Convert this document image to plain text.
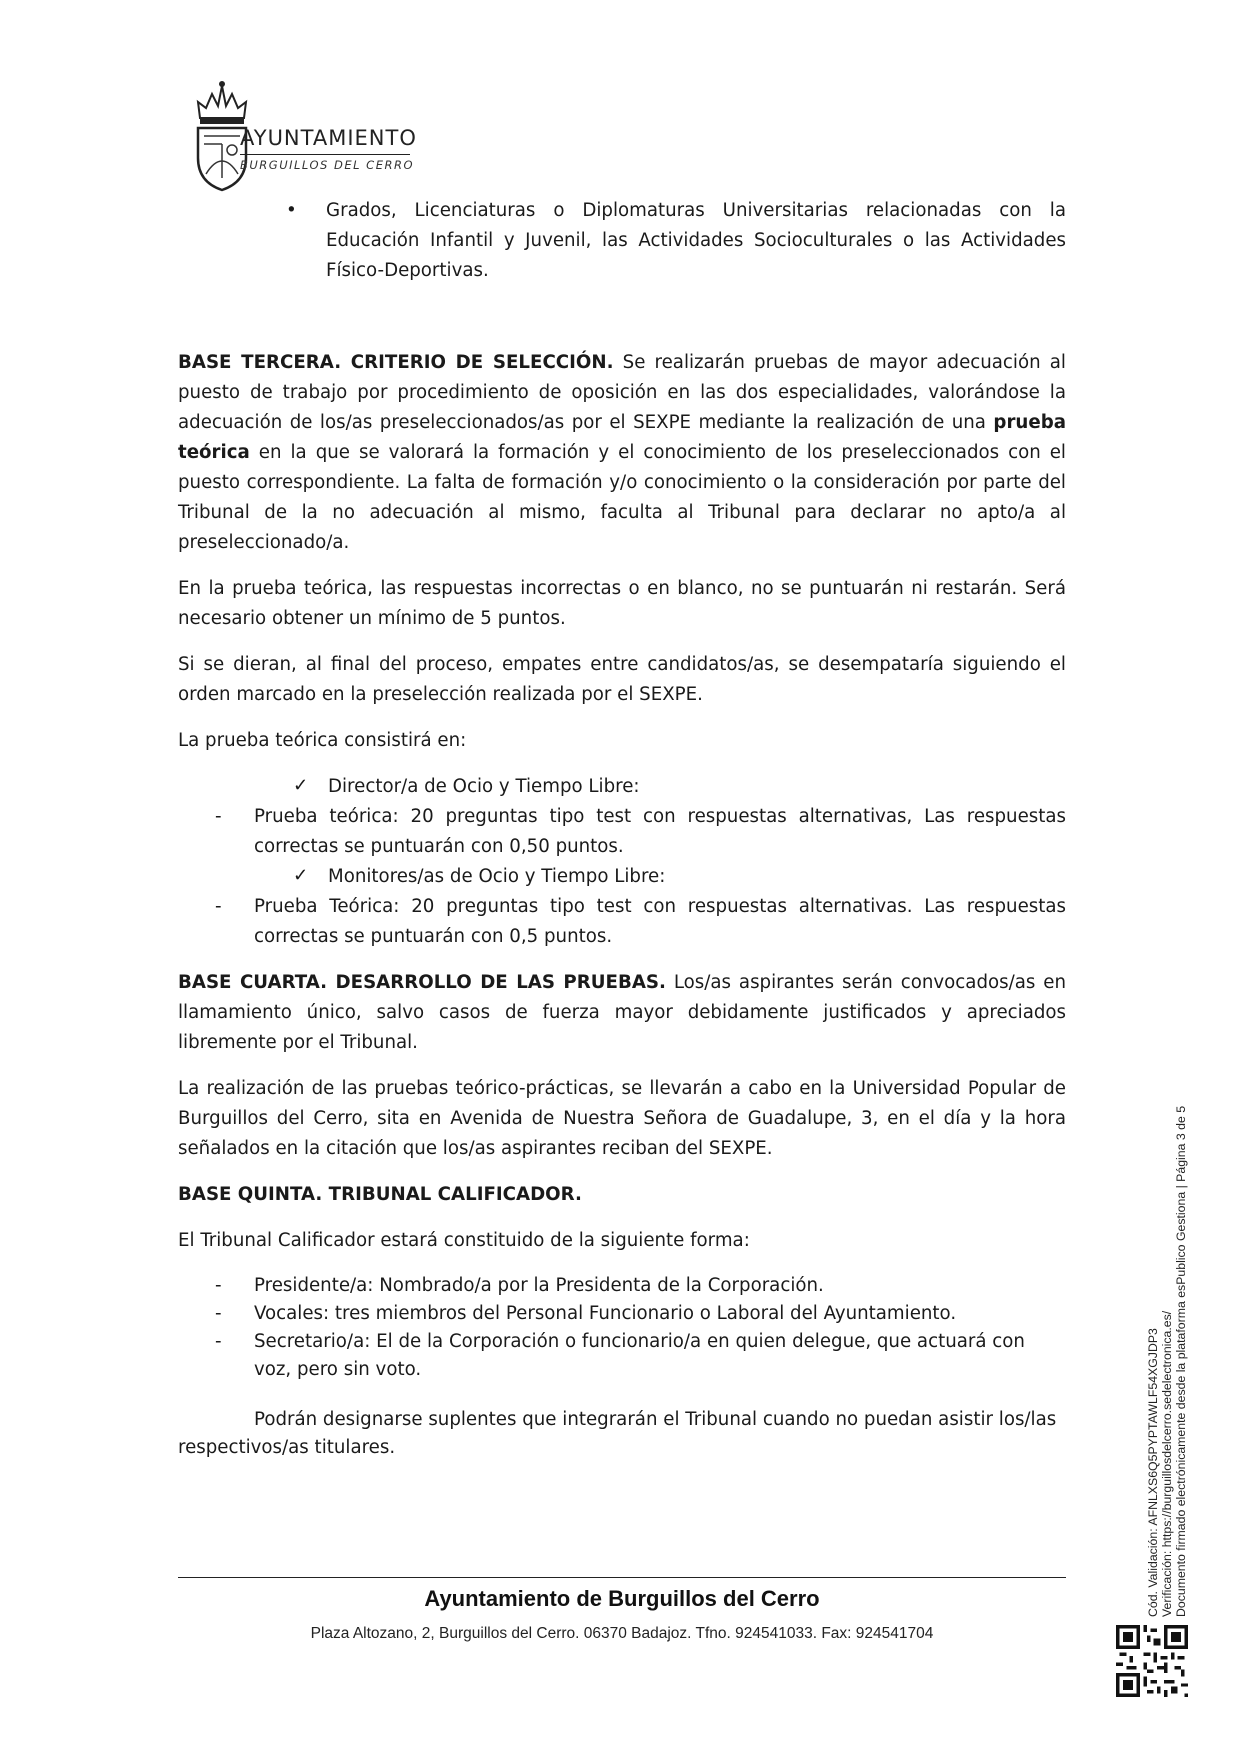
AYUNTAMIENTO
BURGUILLOS DEL CERRO
• Grados, Licenciaturas o Diplomaturas Universitarias relacionadas con la Educación Infantil y Juvenil, las Actividades Socioculturales o las Actividades Físico-Deportivas.

BASE TERCERA. CRITERIO DE SELECCIÓN. Se realizarán pruebas de mayor adecuación al puesto de trabajo por procedimiento de oposición en las dos especialidades, valorándose la adecuación de los/as preseleccionados/as por el SEXPE mediante la realización de una prueba teórica en la que se valorará la formación y el conocimiento de los preseleccionados con el puesto correspondiente. La falta de formación y/o conocimiento o la consideración por parte del Tribunal de la no adecuación al mismo, faculta al Tribunal para declarar no apto/a al preseleccionado/a.

En la prueba teórica, las respuestas incorrectas o en blanco, no se puntuarán ni restarán. Será necesario obtener un mínimo de 5 puntos.

Si se dieran, al final del proceso, empates entre candidatos/as, se desempataría siguiendo el orden marcado en la preselección realizada por el SEXPE.

La prueba teórica consistirá en:

✓ Director/a de Ocio y Tiempo Libre:
- Prueba teórica: 20 preguntas tipo test con respuestas alternativas, Las respuestas correctas se puntuarán con 0,50 puntos.
✓ Monitores/as de Ocio y Tiempo Libre:
- Prueba Teórica: 20 preguntas tipo test con respuestas alternativas. Las respuestas correctas se puntuarán con 0,5 puntos.

BASE CUARTA. DESARROLLO DE LAS PRUEBAS. Los/as aspirantes serán convocados/as en llamamiento único, salvo casos de fuerza mayor debidamente justificados y apreciados libremente por el Tribunal.

La realización de las pruebas teórico-prácticas, se llevarán a cabo en la Universidad Popular de Burguillos del Cerro, sita en Avenida de Nuestra Señora de Guadalupe, 3, en el día y la hora señalados en la citación que los/as aspirantes reciban del SEXPE.

BASE QUINTA. TRIBUNAL CALIFICADOR.

El Tribunal Calificador estará constituido de la siguiente forma:

- Presidente/a: Nombrado/a por la Presidenta de la Corporación.
- Vocales: tres miembros del Personal Funcionario o Laboral del Ayuntamiento.
- Secretario/a: El de la Corporación o funcionario/a en quien delegue, que actuará con voz, pero sin voto.

Podrán designarse suplentes que integrarán el Tribunal cuando no puedan asistir los/las respectivos/as titulares.

Ayuntamiento de Burguillos del Cerro
Plaza Altozano, 2, Burguillos del Cerro. 06370 Badajoz. Tfno. 924541033. Fax: 924541704
Cód. Validación: AFNLXS6Q5PYPTAWLF54XGJDP3 Verificación: https://burguillosdelcerro.sedelectronica.es/ Documento firmado electrónicamente desde la plataforma esPublico Gestiona | Página 3 de 5
